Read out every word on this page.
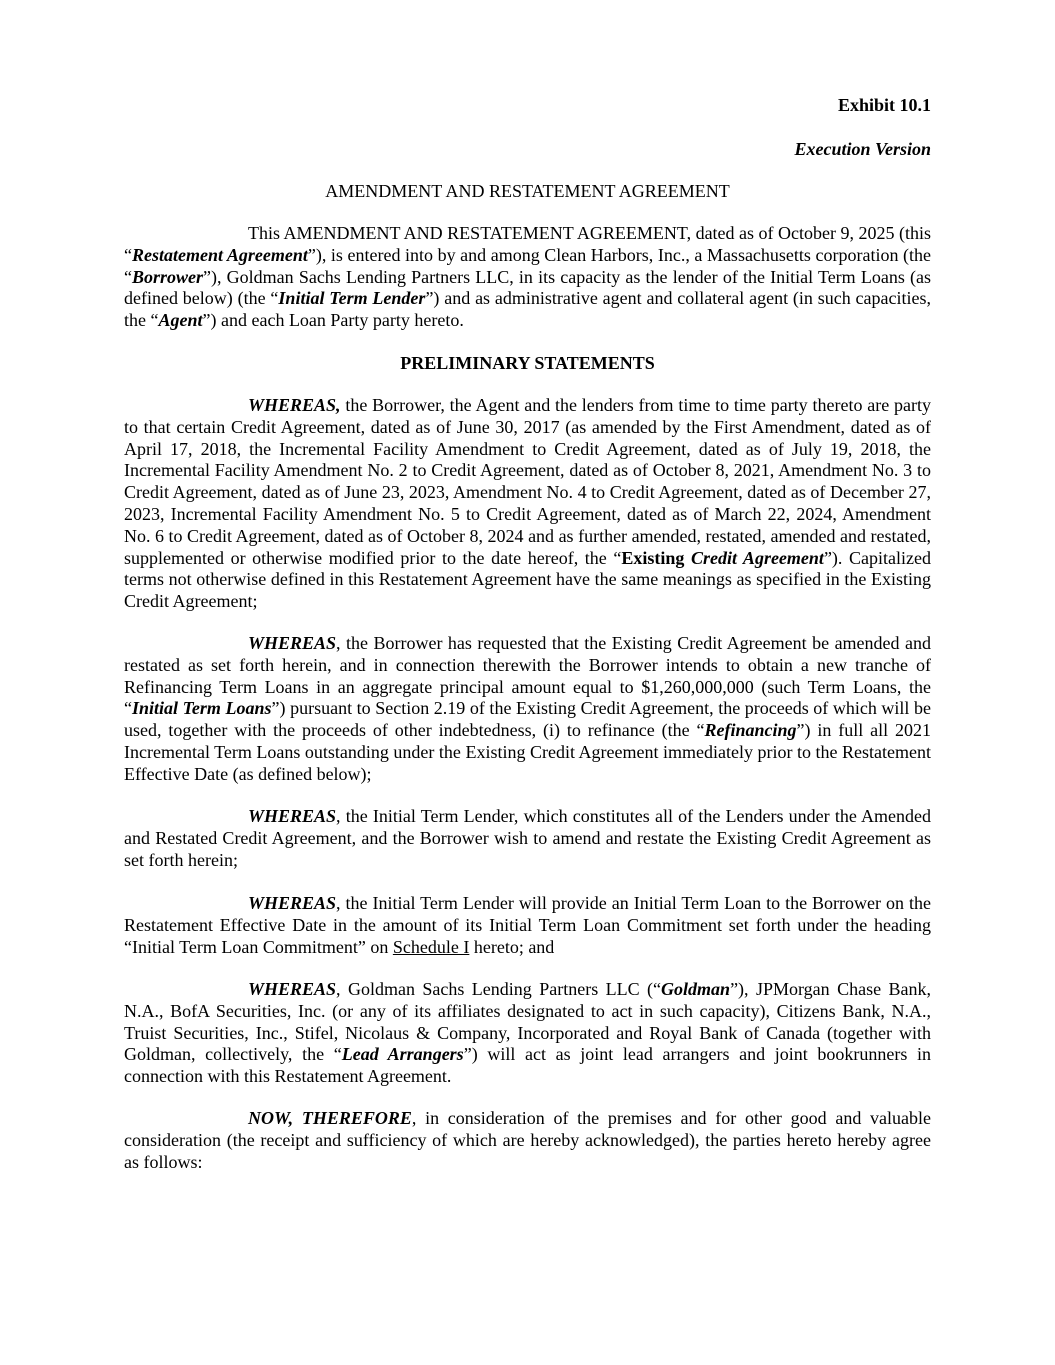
Exhibit 10.1
Execution Version
AMENDMENT AND RESTATEMENT AGREEMENT

This AMENDMENT AND RESTATEMENT AGREEMENT, dated as of October 9, 2025 (this “Restatement Agreement”), is entered into by and among Clean Harbors, Inc., a Massachusetts corporation (the “Borrower”), Goldman Sachs Lending Partners LLC, in its capacity as the lender of the Initial Term Loans (as defined below) (the “Initial Term Lender”) and as administrative agent and collateral agent (in such capacities, the “Agent”) and each Loan Party party hereto.

PRELIMINARY STATEMENTS

WHEREAS, the Borrower, the Agent and the lenders from time to time party thereto are party to that certain Credit Agreement, dated as of June 30, 2017 (as amended by the First Amendment, dated as of April 17, 2018, the Incremental Facility Amendment to Credit Agreement, dated as of July 19, 2018, the Incremental Facility Amendment No. 2 to Credit Agreement, dated as of October 8, 2021, Amendment No. 3 to Credit Agreement, dated as of June 23, 2023, Amendment No. 4 to Credit Agreement, dated as of December 27, 2023, Incremental Facility Amendment No. 5 to Credit Agreement, dated as of March 22, 2024, Amendment No. 6 to Credit Agreement, dated as of October 8, 2024 and as further amended, restated, amended and restated, supplemented or otherwise modified prior to the date hereof, the “Existing Credit Agreement”). Capitalized terms not otherwise defined in this Restatement Agreement have the same meanings as specified in the Existing Credit Agreement;

WHEREAS, the Borrower has requested that the Existing Credit Agreement be amended and restated as set forth herein, and in connection therewith the Borrower intends to obtain a new tranche of Refinancing Term Loans in an aggregate principal amount equal to $1,260,000,000 (such Term Loans, the “Initial Term Loans”) pursuant to Section 2.19 of the Existing Credit Agreement, the proceeds of which will be used, together with the proceeds of other indebtedness, (i) to refinance (the “Refinancing”) in full all 2021 Incremental Term Loans outstanding under the Existing Credit Agreement immediately prior to the Restatement Effective Date (as defined below);

WHEREAS, the Initial Term Lender, which constitutes all of the Lenders under the Amended and Restated Credit Agreement, and the Borrower wish to amend and restate the Existing Credit Agreement as set forth herein;

WHEREAS, the Initial Term Lender will provide an Initial Term Loan to the Borrower on the Restatement Effective Date in the amount of its Initial Term Loan Commitment set forth under the heading “Initial Term Loan Commitment” on Schedule I hereto; and

WHEREAS, Goldman Sachs Lending Partners LLC (“Goldman”), JPMorgan Chase Bank, N.A., BofA Securities, Inc. (or any of its affiliates designated to act in such capacity), Citizens Bank, N.A., Truist Securities, Inc., Stifel, Nicolaus & Company, Incorporated and Royal Bank of Canada (together with Goldman, collectively, the “Lead Arrangers”) will act as joint lead arrangers and joint bookrunners in connection with this Restatement Agreement.

NOW, THEREFORE, in consideration of the premises and for other good and valuable consideration (the receipt and sufficiency of which are hereby acknowledged), the parties hereto hereby agree as follows:
